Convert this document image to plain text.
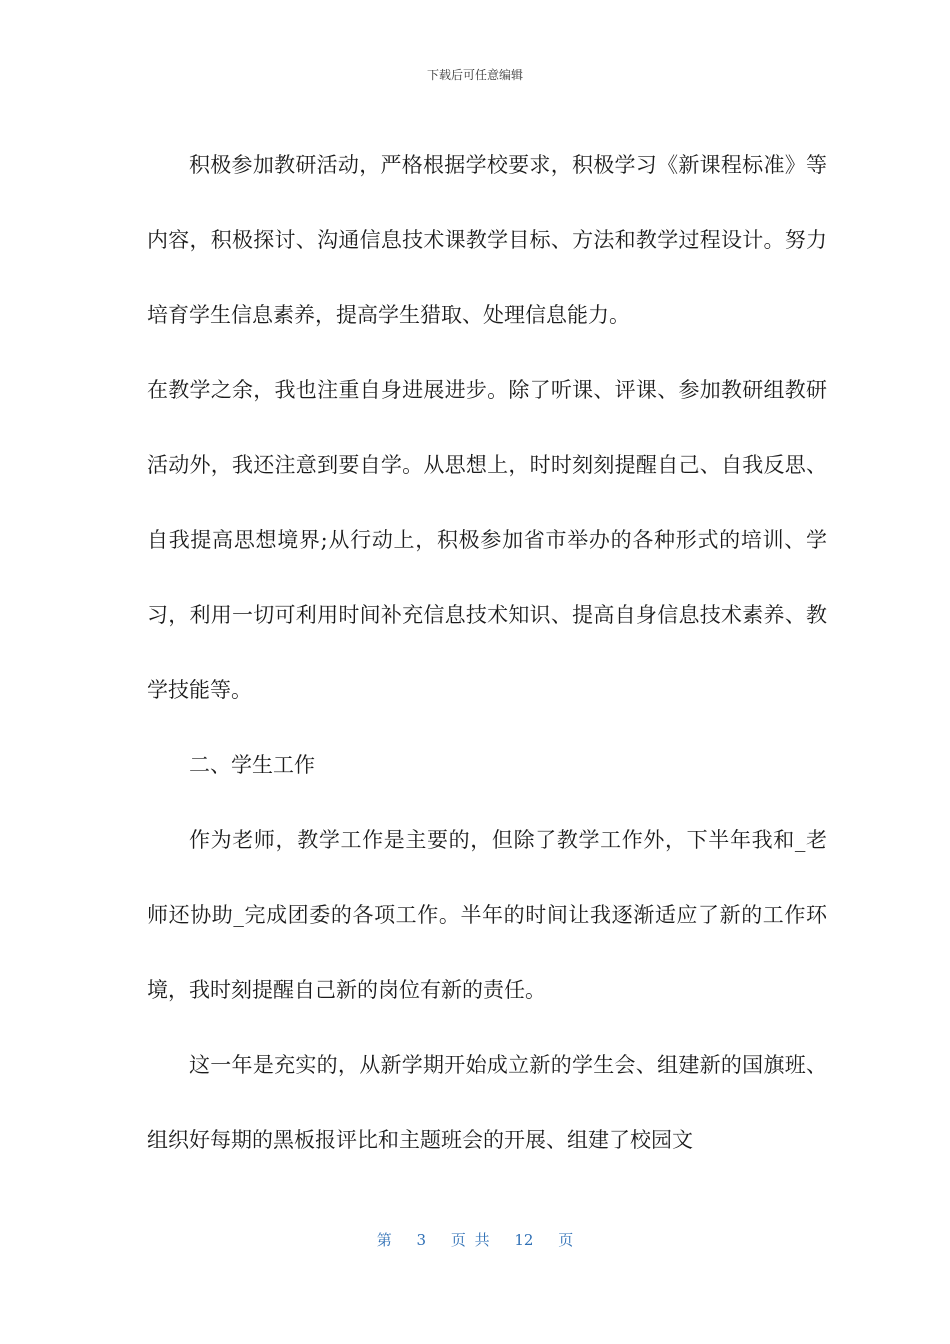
下载后可任意编辑

积极参加教研活动，严格根据学校要求，积极学习《新课程标准》等内容，积极探讨、沟通信息技术课教学目标、方法和教学过程设计。努力培育学生信息素养，提高学生猎取、处理信息能力。

在教学之余，我也注重自身进展进步。除了听课、评课、参加教研组教研活动外，我还注意到要自学。从思想上，时时刻刻提醒自己、自我反思、自我提高思想境界;从行动上，积极参加省市举办的各种形式的培训、学习，利用一切可利用时间补充信息技术知识、提高自身信息技术素养、教学技能等。

二、学生工作

作为老师，教学工作是主要的，但除了教学工作外，下半年我和_老师还协助_完成团委的各项工作。半年的时间让我逐渐适应了新的工作环境，我时刻提醒自己新的岗位有新的责任。

这一年是充实的，从新学期开始成立新的学生会、组建新的国旗班、组织好每期的黑板报评比和主题班会的开展、组建了校园文

第 3 页 共 12 页
